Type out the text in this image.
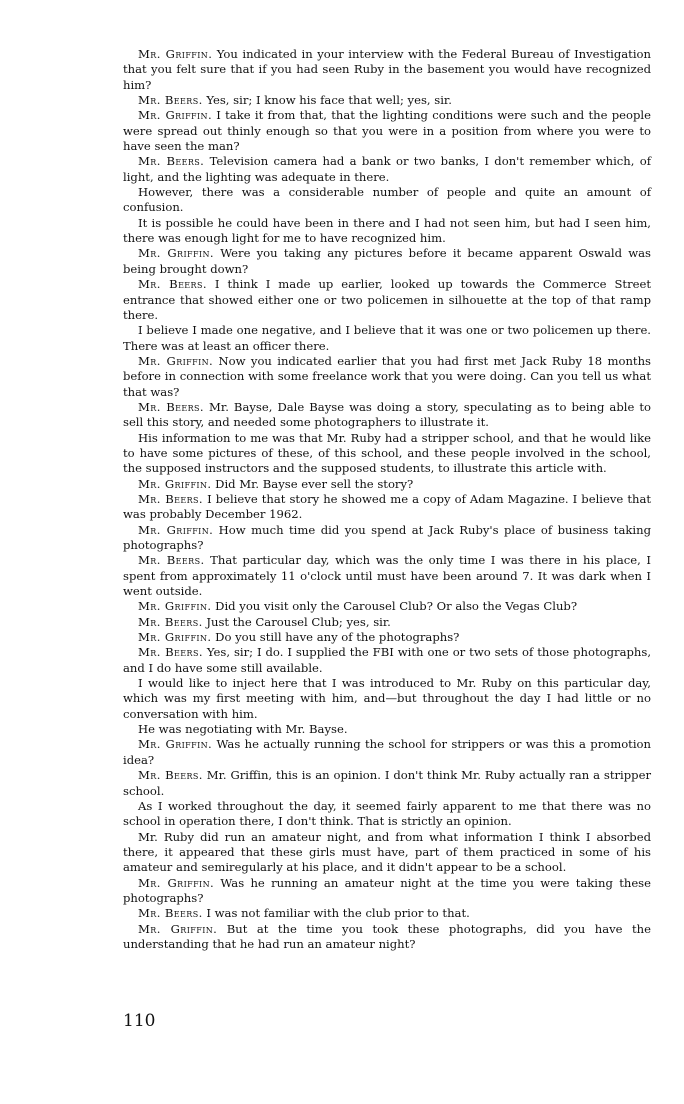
Mr. Griffin. You indicated in your interview with the Federal Bureau of Investigation that you felt sure that if you had seen Ruby in the basement you would have recognized him?

Mr. Beers. Yes, sir; I know his face that well; yes, sir.

Mr. Griffin. I take it from that, that the lighting conditions were such and the people were spread out thinly enough so that you were in a position from where you were to have seen the man?

Mr. Beers. Television camera had a bank or two banks, I don't remember which, of light, and the lighting was adequate in there.

However, there was a considerable number of people and quite an amount of confusion.

It is possible he could have been in there and I had not seen him, but had I seen him, there was enough light for me to have recognized him.

Mr. Griffin. Were you taking any pictures before it became apparent Oswald was being brought down?

Mr. Beers. I think I made up earlier, looked up towards the Commerce Street entrance that showed either one or two policemen in silhouette at the top of that ramp there.

I believe I made one negative, and I believe that it was one or two policemen up there. There was at least an officer there.

Mr. Griffin. Now you indicated earlier that you had first met Jack Ruby 18 months before in connection with some freelance work that you were doing. Can you tell us what that was?

Mr. Beers. Mr. Bayse, Dale Bayse was doing a story, speculating as to being able to sell this story, and needed some photographers to illustrate it.

His information to me was that Mr. Ruby had a stripper school, and that he would like to have some pictures of these, of this school, and these people involved in the school, the supposed instructors and the supposed students, to illustrate this article with.

Mr. Griffin. Did Mr. Bayse ever sell the story?

Mr. Beers. I believe that story he showed me a copy of Adam Magazine. I believe that was probably December 1962.

Mr. Griffin. How much time did you spend at Jack Ruby's place of business taking photographs?

Mr. Beers. That particular day, which was the only time I was there in his place, I spent from approximately 11 o'clock until must have been around 7. It was dark when I went outside.

Mr. Griffin. Did you visit only the Carousel Club? Or also the Vegas Club?

Mr. Beers. Just the Carousel Club; yes, sir.

Mr. Griffin. Do you still have any of the photographs?

Mr. Beers. Yes, sir; I do. I supplied the FBI with one or two sets of those photographs, and I do have some still available.

I would like to inject here that I was introduced to Mr. Ruby on this particular day, which was my first meeting with him, and—but throughout the day I had little or no conversation with him.

He was negotiating with Mr. Bayse.

Mr. Griffin. Was he actually running the school for strippers or was this a promotion idea?

Mr. Beers. Mr. Griffin, this is an opinion. I don't think Mr. Ruby actually ran a stripper school.

As I worked throughout the day, it seemed fairly apparent to me that there was no school in operation there, I don't think. That is strictly an opinion.

Mr. Ruby did run an amateur night, and from what information I think I absorbed there, it appeared that these girls must have, part of them practiced in some of his amateur and semiregularly at his place, and it didn't appear to be a school.

Mr. Griffin. Was he running an amateur night at the time you were taking these photographs?

Mr. Beers. I was not familiar with the club prior to that.

Mr. Griffin. But at the time you took these photographs, did you have the understanding that he had run an amateur night?

110
